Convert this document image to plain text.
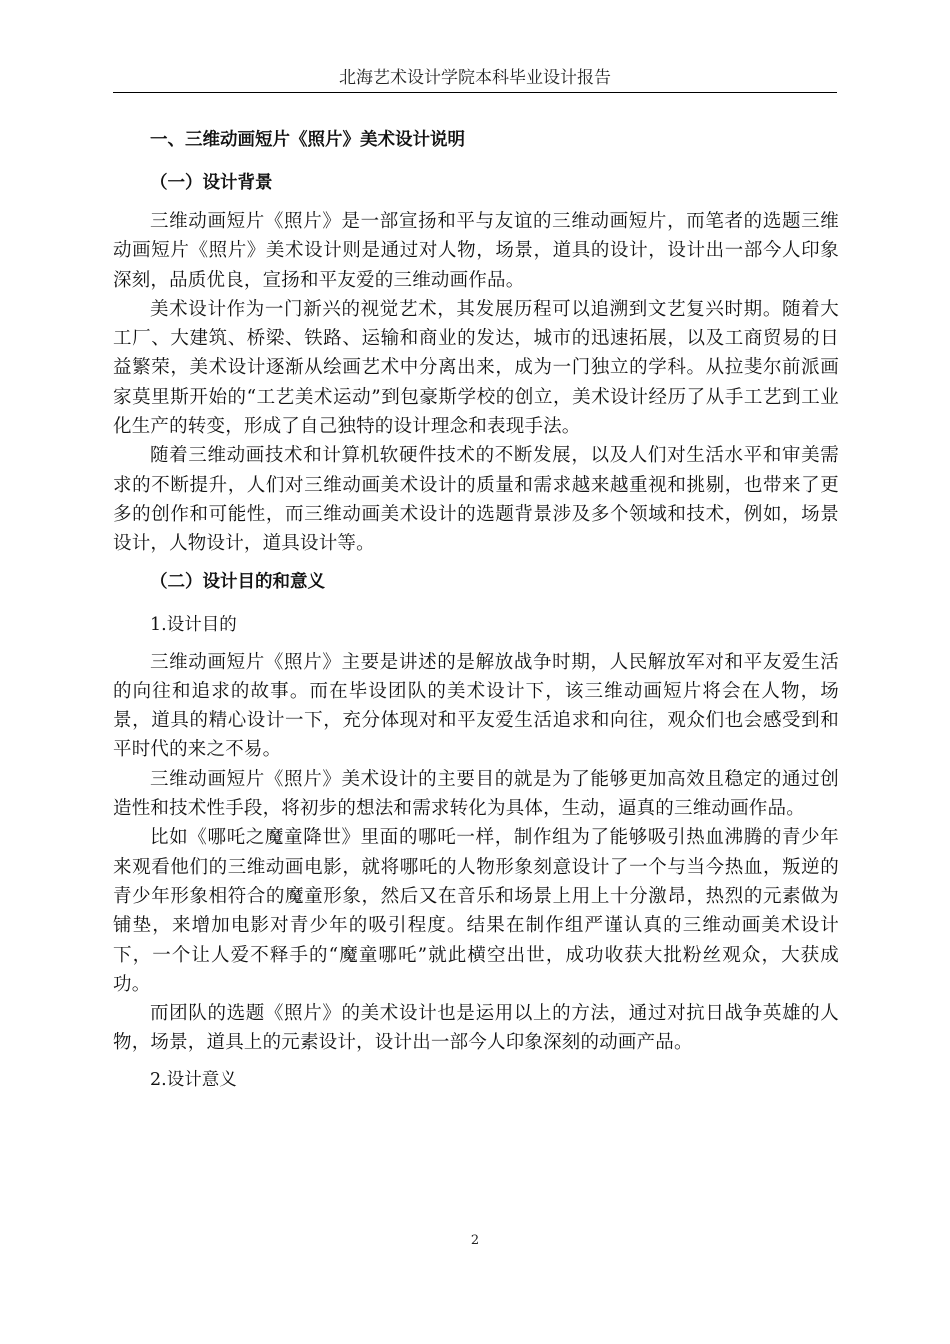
北海艺术设计学院本科毕业设计报告
一、三维动画短片《照片》美术设计说明
（一）设计背景

三维动画短片《照片》是一部宣扬和平与友谊的三维动画短片，而笔者的选题三维动画短片《照片》美术设计则是通过对人物，场景，道具的设计，设计出一部今人印象深刻，品质优良，宣扬和平友爱的三维动画作品。

美术设计作为一门新兴的视觉艺术，其发展历程可以追溯到文艺复兴时期。随着大工厂、大建筑、桥梁、铁路、运输和商业的发达，城市的迅速拓展，以及工商贸易的日益繁荣，美术设计逐渐从绘画艺术中分离出来，成为一门独立的学科。从拉斐尔前派画家莫里斯开始的“工艺美术运动”到包豪斯学校的创立，美术设计经历了从手工艺到工业化生产的转变，形成了自己独特的设计理念和表现手法。

随着三维动画技术和计算机软硬件技术的不断发展，以及人们对生活水平和审美需求的不断提升，人们对三维动画美术设计的质量和需求越来越重视和挑剔，也带来了更多的创作和可能性，而三维动画美术设计的选题背景涉及多个领域和技术，例如，场景设计，人物设计，道具设计等。

（二）设计目的和意义
1.设计目的

三维动画短片《照片》主要是讲述的是解放战争时期，人民解放军对和平友爱生活的向往和追求的故事。而在毕设团队的美术设计下，该三维动画短片将会在人物，场景，道具的精心设计一下，充分体现对和平友爱生活追求和向往，观众们也会感受到和平时代的来之不易。

三维动画短片《照片》美术设计的主要目的就是为了能够更加高效且稳定的通过创造性和技术性手段，将初步的想法和需求转化为具体，生动，逼真的三维动画作品。

比如《哪吒之魔童降世》里面的哪吒一样，制作组为了能够吸引热血沸腾的青少年来观看他们的三维动画电影，就将哪吒的人物形象刻意设计了一个与当今热血，叛逆的青少年形象相符合的魔童形象，然后又在音乐和场景上用上十分激昂，热烈的元素做为铺垫，来增加电影对青少年的吸引程度。结果在制作组严谨认真的三维动画美术设计下，一个让人爱不释手的“魔童哪吒”就此横空出世，成功收获大批粉丝观众，大获成功。

而团队的选题《照片》的美术设计也是运用以上的方法，通过对抗日战争英雄的人物，场景，道具上的元素设计，设计出一部今人印象深刻的动画产品。

2.设计意义
2
